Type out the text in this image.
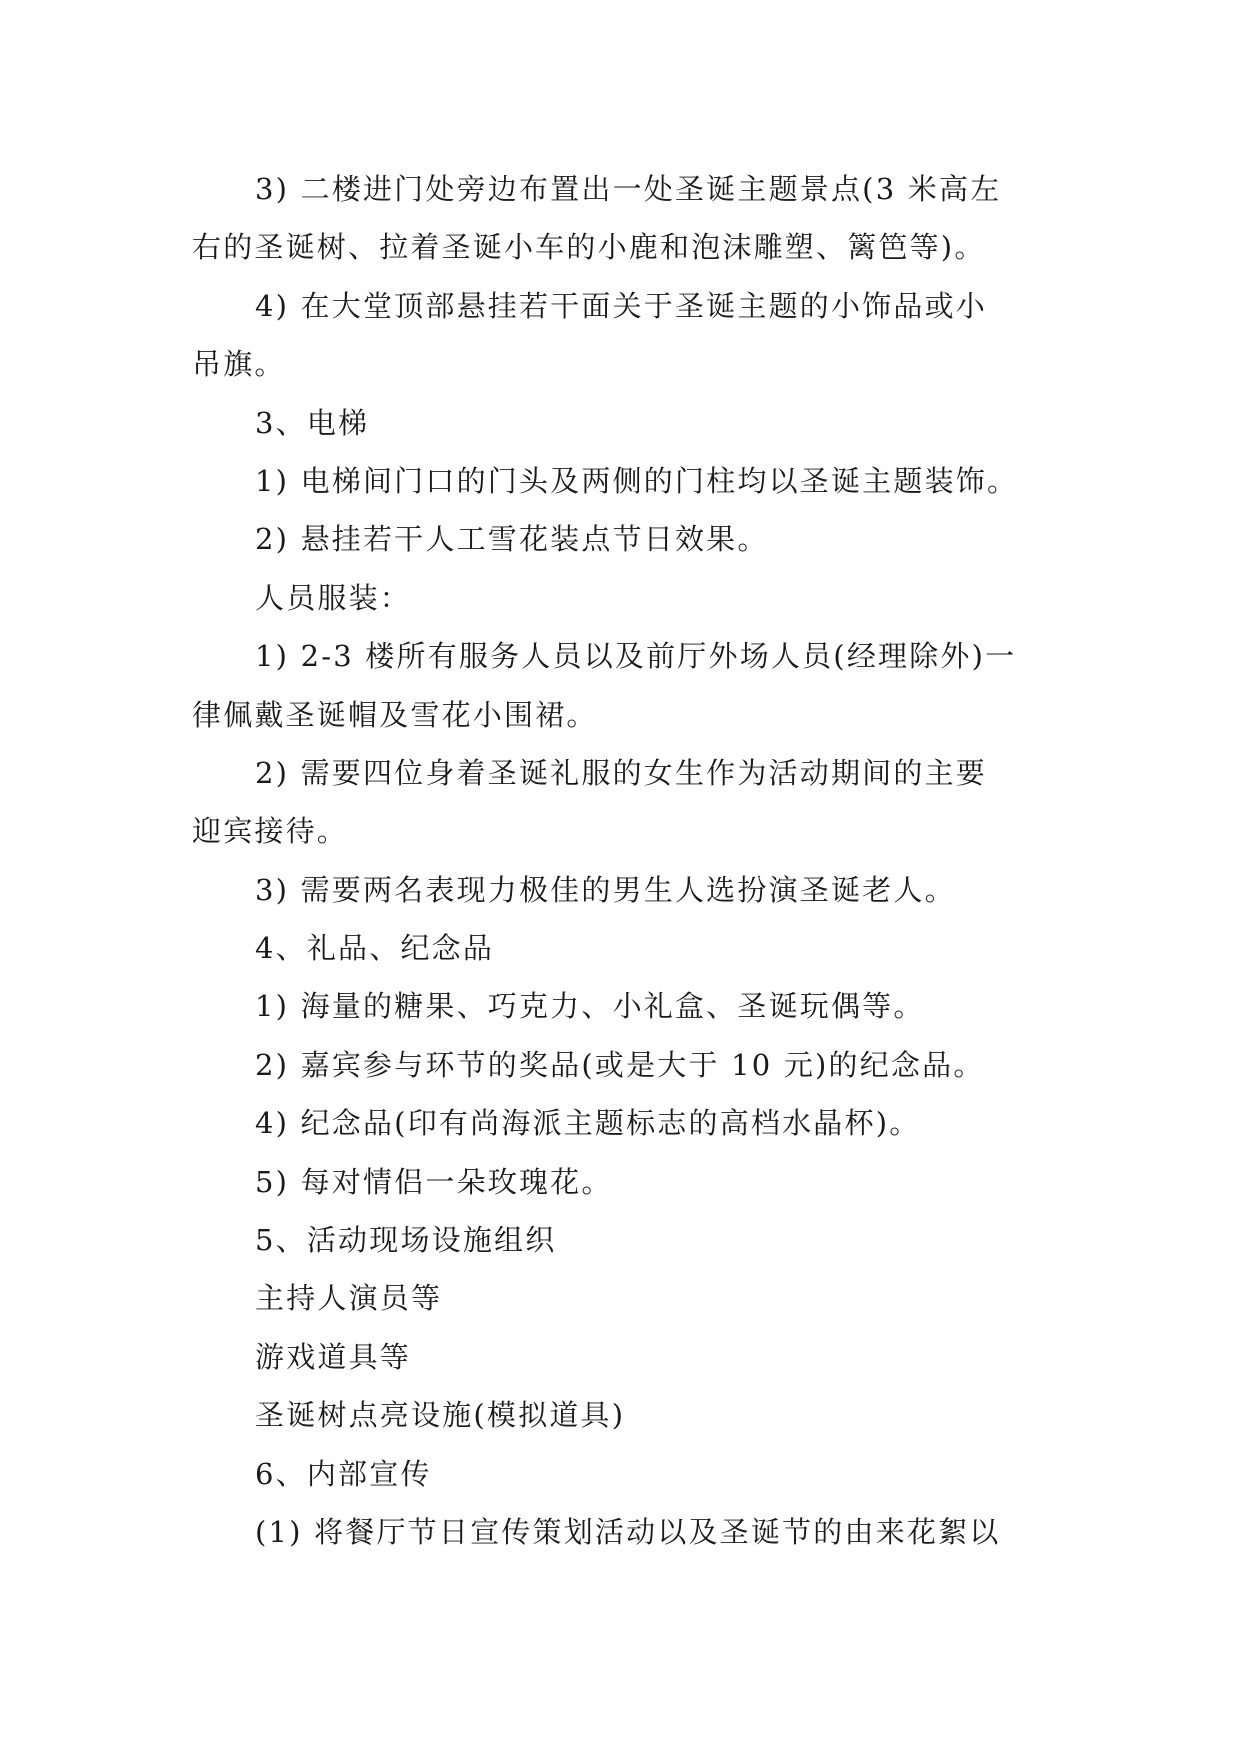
3) 二楼进门处旁边布置出一处圣诞主题景点(3 米高左
右的圣诞树、拉着圣诞小车的小鹿和泡沫雕塑、篱笆等)。
4) 在大堂顶部悬挂若干面关于圣诞主题的小饰品或小
吊旗。
3、电梯
1) 电梯间门口的门头及两侧的门柱均以圣诞主题装饰。
2) 悬挂若干人工雪花装点节日效果。
人员服装：
1) 2-3 楼所有服务人员以及前厅外场人员(经理除外)一
律佩戴圣诞帽及雪花小围裙。
2) 需要四位身着圣诞礼服的女生作为活动期间的主要
迎宾接待。
3) 需要两名表现力极佳的男生人选扮演圣诞老人。
4、礼品、纪念品
1) 海量的糖果、巧克力、小礼盒、圣诞玩偶等。
2) 嘉宾参与环节的奖品(或是大于 10 元)的纪念品。
4) 纪念品(印有尚海派主题标志的高档水晶杯)。
5) 每对情侣一朵玫瑰花。
5、活动现场设施组织
主持人演员等
游戏道具等
圣诞树点亮设施(模拟道具)
6、内部宣传
(1) 将餐厅节日宣传策划活动以及圣诞节的由来花絮以
